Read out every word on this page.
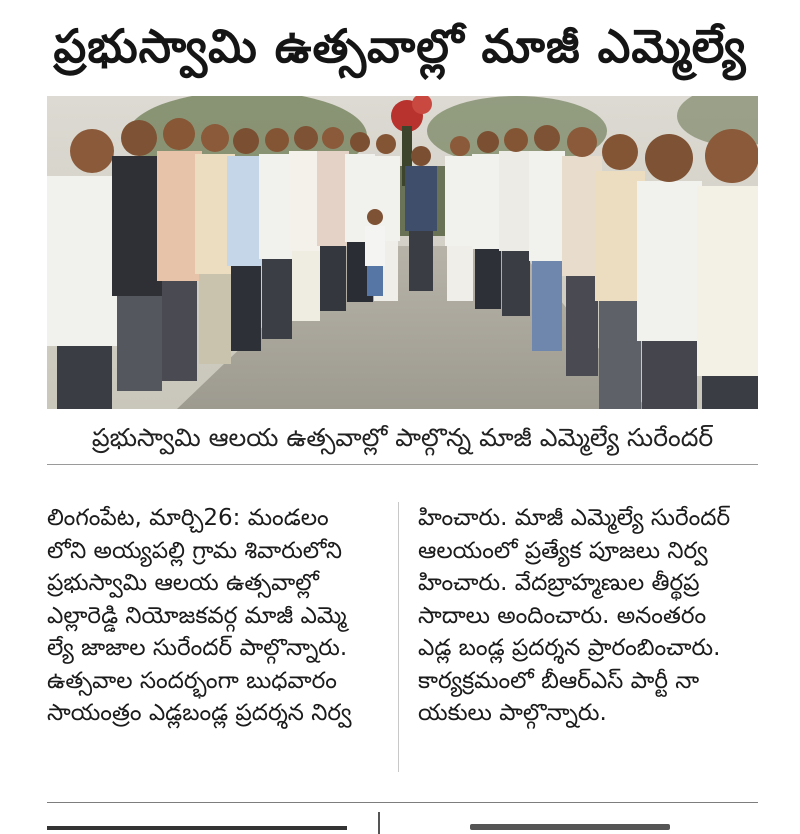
ప్రభుస్వామి ఉత్సవాల్లో మాజీ ఎమ్మెల్యే
ప్రభుస్వామి ఆలయ ఉత్సవాల్లో పాల్గొన్న మాజీ ఎమ్మెల్యే సురేందర్

లింగంపేట, మార్చి26: మండలం

లోని అయ్యపల్లి గ్రామ శివారులోని

ప్రభుస్వామి ఆలయ ఉత్సవాల్లో

ఎల్లారెడ్డి నియోజకవర్గ మాజీ ఎమ్మె

ల్యే జాజాల సురేందర్ పాల్గొన్నారు.

ఉత్సవాల సందర్భంగా బుధవారం

సాయంత్రం ఎడ్లబండ్ల ప్రదర్శన నిర్వ

హించారు. మాజీ ఎమ్మెల్యే సురేందర్

ఆలయంలో ప్రత్యేక పూజలు నిర్వ

హించారు. వేదబ్రాహ్మణుల తీర్థప్ర

సాదాలు అందించారు. అనంతరం

ఎడ్ల బండ్ల ప్రదర్శన ప్రారంబించారు.

కార్యక్రమంలో బీఆర్ఎస్ పార్టీ నా

యకులు పాల్గొన్నారు.
